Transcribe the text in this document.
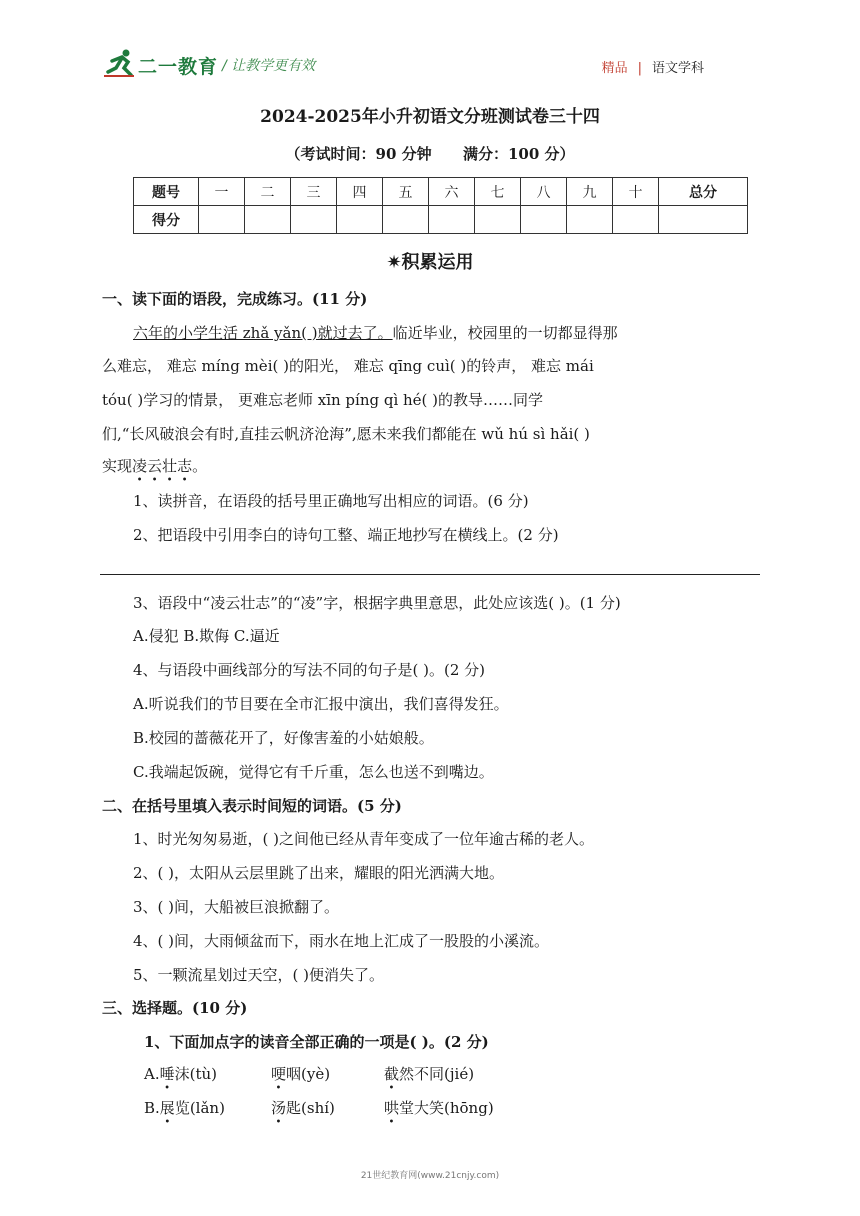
二一教育 / 让教学更有效	精品 | 语文学科
2024-2025年小升初语文分班测试卷三十四
（考试时间：90 分钟      满分：100 分）
题号	一	二	三	四	五	六	七	八	九	十	总分
得分											
✷积累运用
一、读下面的语段，完成练习。(11 分)
六年的小学生活 zhǎ yǎn( )就过去了。临近毕业，校园里的一切都显得那
么难忘， 难忘 míng mèi( )的阳光， 难忘 qīng cuì( )的铃声， 难忘 mái
tóu( )学习的情景， 更难忘老师 xīn píng qì hé( )的教导……同学
们,“长风破浪会有时,直挂云帆济沧海”,愿未来我们都能在 wǔ hú sì hǎi( )
实现凌云壮志。
1、读拼音，在语段的括号里正确地写出相应的词语。(6 分)
2、把语段中引用李白的诗句工整、端正地抄写在横线上。(2 分)
3、语段中“凌云壮志”的“凌”字，根据字典里意思，此处应该选( )。(1 分)
A.侵犯 B.欺侮 C.逼近
4、与语段中画线部分的写法不同的句子是( )。(2 分)
A.听说我们的节目要在全市汇报中演出，我们喜得发狂。
B.校园的蔷薇花开了，好像害羞的小姑娘般。
C.我端起饭碗，觉得它有千斤重，怎么也送不到嘴边。
二、在括号里填入表示时间短的词语。(5 分)
1、时光匆匆易逝，( )之间他已经从青年变成了一位年逾古稀的老人。
2、( )，太阳从云层里跳了出来，耀眼的阳光洒满大地。
3、( )间，大船被巨浪掀翻了。
4、( )间，大雨倾盆而下，雨水在地上汇成了一股股的小溪流。
5、一颗流星划过天空，( )便消失了。
三、选择题。(10 分)
1、下面加点字的读音全部正确的一项是( )。(2 分)
A.唾沫(tù)	哽咽(yè)	截然不同(jié)
B.展览(lǎn)	汤匙(shí)	哄堂大笑(hōng)
21世纪教育网(www.21cnjy.com)
